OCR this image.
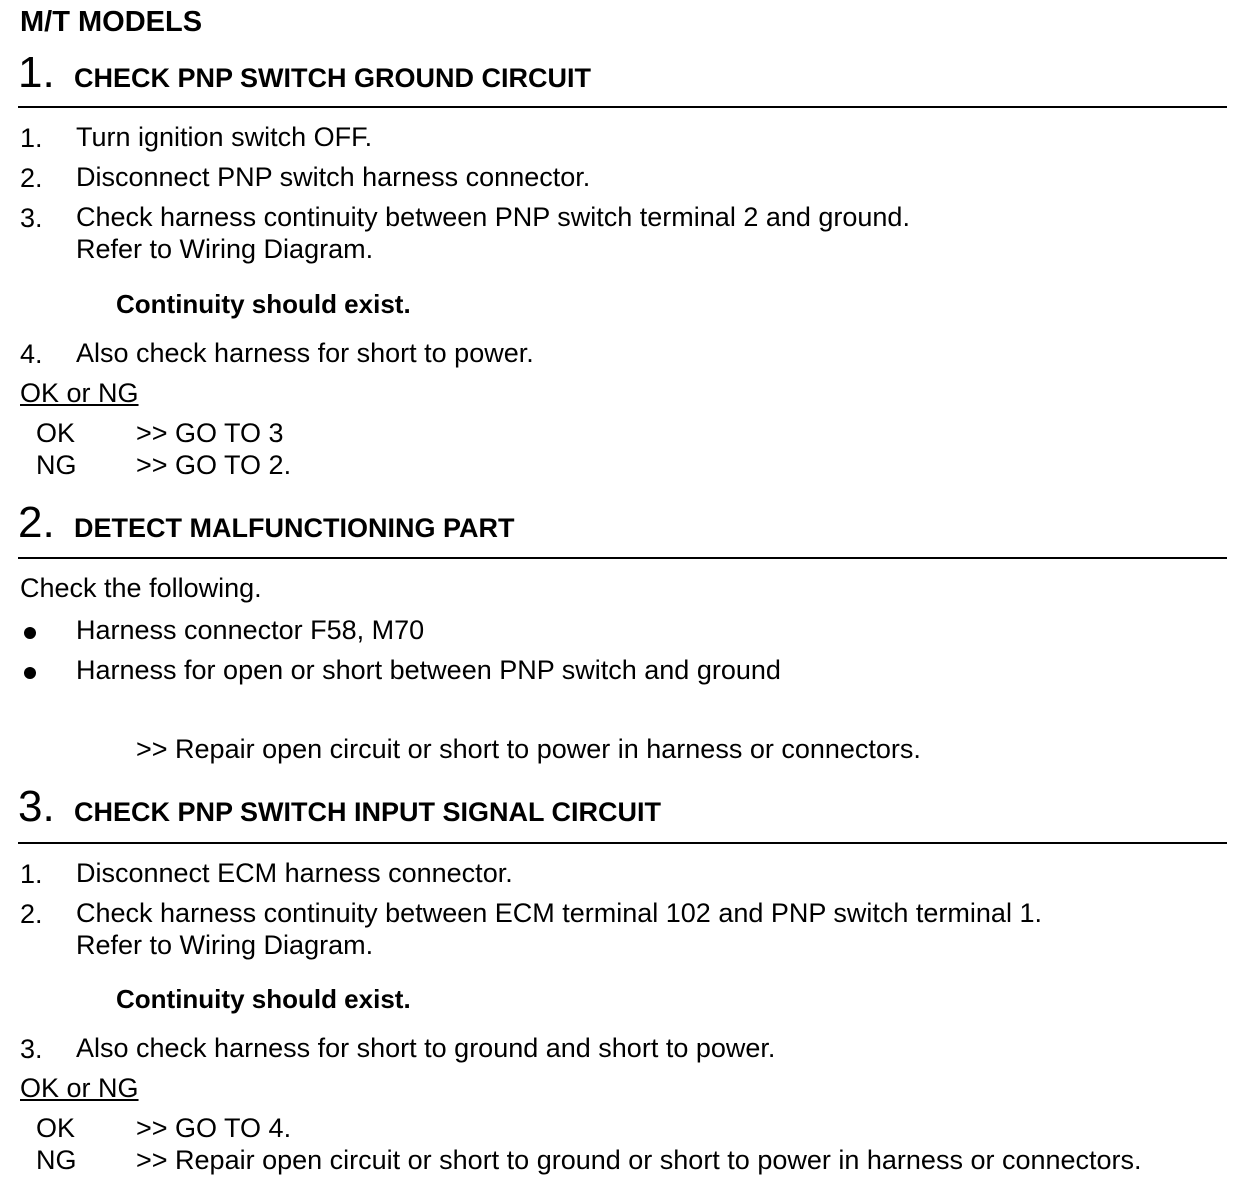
M/T MODELS
1. CHECK PNP SWITCH GROUND CIRCUIT
1. Turn ignition switch OFF.
2. Disconnect PNP switch harness connector.
3. Check harness continuity between PNP switch terminal 2 and ground.
Refer to Wiring Diagram.
Continuity should exist.
4. Also check harness for short to power.
OK or NG
OK >> GO TO 3
NG >> GO TO 2.
2. DETECT MALFUNCTIONING PART
Check the following.
Harness connector F58, M70
Harness for open or short between PNP switch and ground
>> Repair open circuit or short to power in harness or connectors.
3. CHECK PNP SWITCH INPUT SIGNAL CIRCUIT
1. Disconnect ECM harness connector.
2. Check harness continuity between ECM terminal 102 and PNP switch terminal 1.
Refer to Wiring Diagram.
Continuity should exist.
3. Also check harness for short to ground and short to power.
OK or NG
OK >> GO TO 4.
NG >> Repair open circuit or short to ground or short to power in harness or connectors.
